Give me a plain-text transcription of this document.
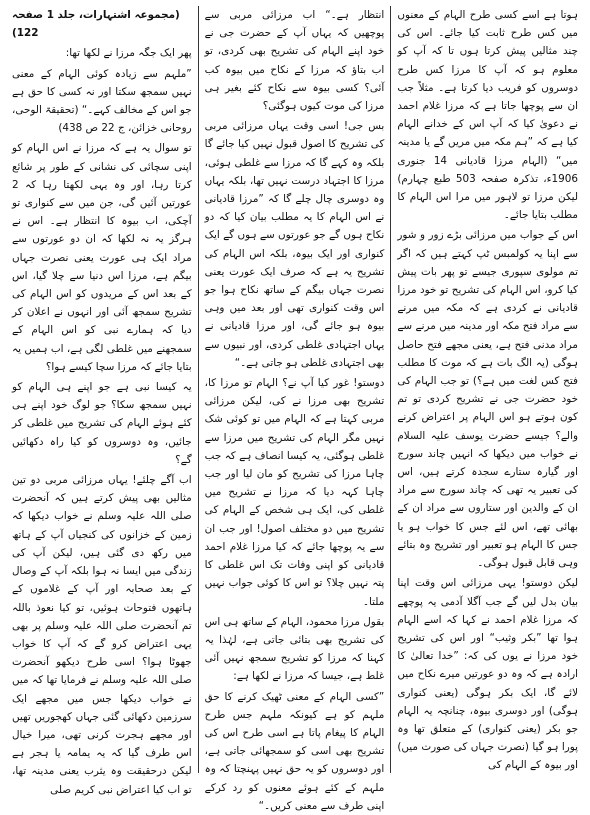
ہوتا ہے اسے کسی طرح الہام کے معنوں میں کس طرح ثابت کیا جائے۔ اس کی چند مثالیں پیش کرتا ہوں تا کہ آپ کو معلوم ہو کہ آپ کا مرزا کس طرح دوسروں کو فریب دیا کرتا ہے۔ مثلاً جب ان سے پوچھا جاتا ہے کہ مرزا غلام احمد نے دعویٰ کیا کہ آپ اس کے خدانے الہام کیا ہے کہ ”ہم مکہ میں مریں گے یا مدینہ میں“ (الہام مرزا قادیانی 14 جنوری 1906ء، تذکرہ صفحہ 503 طبع چہارم) لیکن مرزا تو لاہور میں مرا اس الہام کا مطلب بتایا جائے۔

اس کے جواب میں مرزائی بڑے زور و شور سے اپنا یہ کولمبس ٹپ کہتے ہیں کہ اگر تم مولوی سپوری جیسے تو پھر بات پیش کیا کرو، اس الہام کی تشریح تو خود مرزا قادیانی نے کردی ہے کہ مکہ میں مرنے سے مراد فتح مکہ اور مدینہ میں مرنے سے مراد مدنی فتح ہے، یعنی مجھے فتح حاصل ہوگی (یہ الگ بات ہے کہ موت کا مطلب فتح کس لغت میں ہے؟) تو جب الہام کی خود حضرت جی نے تشریح کردی تو تم کون ہوتے ہو اس الہام پر اعتراض کرنے والے؟ جیسے حضرت یوسف علیہ السلام نے خواب میں دیکھا کہ انہیں چاند سورج اور گیارہ ستارے سجدہ کرتے ہیں، اس کی تعبیر یہ تھی کہ چاند سورج سے مراد ان کے والدین اور ستاروں سے مراد ان کے بھائی تھے، اس لئے جس کا خواب ہو یا جس کا الہام ہو تعبیر اور تشریح وہ بتائے وہی قابل قبول ہوگی۔

لیکن دوستو! یہی مرزائی اس وقت اپنا بیان بدل لیں گے جب آگلا آدمی یہ پوچھے کہ مرزا غلام احمد نے کہا کہ اسے الہام ہوا تھا ”بکر وثیب“ اور اس کی تشریح خود مرزا نے یوں کی کہ: ”خدا تعالیٰ کا ارادہ ہے کہ وہ دو عورتیں میرے نکاح میں لائے گا، ایک بکر ہوگی (یعنی کنواری ہوگی) اور دوسری بیوہ، چنانچہ یہ الہام جو بکر (یعنی کنواری) کے متعلق تھا وہ پورا ہو گیا (نصرت جہاں کی صورت میں) اور بیوہ کے الہام کی

انتظار ہے۔“ اب مرزائی مربی سے پوچھیں کہ یہاں آپ کے حضرت جی نے خود اپنے الہام کی تشریح بھی کردی، تو اب بتاؤ کہ مرزا کے نکاح میں بیوہ کب آئی؟ کسی بیوہ سے نکاح کئے بغیر ہی مرزا کی موت کیوں ہوگئی؟

بس جی! اسی وقت یہاں مرزائی مربی کی تشریح کا اصول قبول نہیں کیا جائے گا بلکہ وہ کہے گا کہ مرزا سے غلطی ہوئی، مرزا کا اجتہاد درست نہیں تھا، بلکہ یہاں وہ دوسری چال چلے گا کہ ”مرزا قادیانی نے اس الہام کا یہ مطلب بیان کیا کہ دو نکاح ہوں گے جو عورتوں سے ہوں گے ایک کنواری اور ایک بیوہ، بلکہ اس الہام کی تشریح یہ ہے کہ صرف ایک عورت یعنی نصرت جہاں بیگم کے ساتھ نکاح ہوا جو اس وقت کنواری تھی اور بعد میں وہی بیوہ ہو جائے گی، اور مرزا قادیانی نے یہاں اجتہادی غلطی کردی، اور نبیوں سے بھی اجتہادی غلطی ہو جاتی ہے۔“

دوستو! غور کیا آپ نے؟ الہام تو مرزا کا، تشریح بھی مرزا نے کی، لیکن مرزائی مربی کہتا ہے کہ الہام میں تو کوئی شک نہیں مگر الہام کی تشریح میں مرزا سے غلطی ہوگئی، یہ کیسا انصاف ہے کہ جب چاہا مرزا کی تشریح کو مان لیا اور جب چاہا کہہ دیا کہ مرزا نے تشریح میں غلطی کی، ایک ہی شخص کے الہام کی تشریح میں دو مختلف اصول! اور جب ان سے یہ پوچھا جائے کہ کیا مرزا غلام احمد قادیانی کو اپنی وفات تک اس غلطی کا پتہ نہیں چلا؟ تو اس کا کوئی جواب نہیں ملتا۔

بقول مرزا محمود، الہام کے ساتھ ہی اس کی تشریح بھی بتائی جاتی ہے، لہٰذا یہ کہنا کہ مرزا کو تشریح سمجھ نہیں آئی غلط ہے، جیسا کہ مرزا نے لکھا ہے:

”کسی الہام کے معنی ٹھیک کرنے کا حق ملہم کو ہے کیونکہ ملہم جس طرح الہام کا پیغام پاتا ہے اسی طرح اس کی تشریح بھی اسی کو سمجھائی جاتی ہے، اور دوسروں کو یہ حق نہیں پہنچتا کہ وہ ملہم کے کئے ہوئے معنوں کو رد کرکے اپنی طرف سے معنی کریں۔“

(مجموعہ اشتہارات، جلد 1 صفحہ 122)

پھر ایک جگہ مرزا نے لکھا تھا:

”ملہم سے زیادہ کوئی الہام کے معنی نہیں سمجھ سکتا اور نہ کسی کا حق ہے جو اس کے مخالف کہے۔“ (تحقیقۃ الوحی، روحانی خزائن، ج 22 ص 438)

تو سوال یہ ہے کہ مرزا نے اس الہام کو اپنی سچائی کی نشانی کے طور پر شائع کرتا رہا، اور وہ یہی لکھتا رہا کہ 2 عورتیں آئیں گی، جن میں سے کنواری تو آچکی، اب بیوہ کا انتظار ہے۔ اس نے ہرگز یہ نہ لکھا کہ ان دو عورتوں سے مراد ایک ہی عورت یعنی نصرت جہاں بیگم ہے، مرزا اس دنیا سے چلا گیا، اس کے بعد اس کے مریدوں کو اس الہام کی تشریح سمجھ آئی اور انہوں نے اعلان کر دیا کہ ہمارے نبی کو اس الہام کے سمجھنے میں غلطی لگی ہے، اب ہمیں یہ بتایا جائے کہ مرزا سچا کیسے ہوا؟

یہ کیسا نبی ہے جو اپنے ہی الہام کو نہیں سمجھ سکا؟ جو لوگ خود اپنے ہی کئے ہوئے الہام کی تشریح میں غلطی کر جائیں، وہ دوسروں کو کیا راہ دکھائیں گے؟

اب آگے چلئے! یہاں مرزائی مربی دو تین مثالیں بھی پیش کرتے ہیں کہ آنحضرت صلی اللہ علیہ وسلم نے خواب دیکھا کہ زمین کے خزانوں کی کنجیاں آپ کے ہاتھ میں رکھ دی گئی ہیں، لیکن آپ کی زندگی میں ایسا نہ ہوا بلکہ آپ کے وصال کے بعد صحابہ اور آپ کے غلاموں کے ہاتھوں فتوحات ہوئیں، تو کیا نعوذ باللہ تم آنحضرت صلی اللہ علیہ وسلم پر بھی یہی اعتراض کرو گے کہ آپ کا خواب جھوٹا ہوا؟ اسی طرح دیکھو آنحضرت صلی اللہ علیہ وسلم نے فرمایا تھا کہ میں نے خواب دیکھا جس میں مجھے ایک سرزمین دکھائی گئی جہاں کھجوریں تھیں اور مجھے ہجرت کرنی تھی، میرا خیال اس طرف گیا کہ یہ یمامہ یا ہجر ہے لیکن درحقیقت وہ یثرب یعنی مدینہ تھا، تو اب کیا اعتراض نبی کریم صلی
